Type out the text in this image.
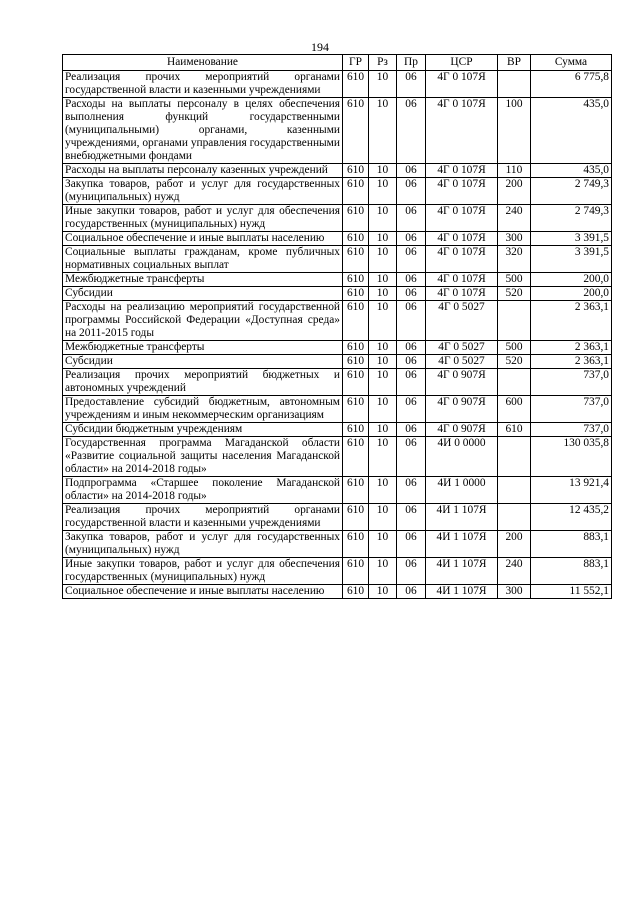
194
Наименование	ГР	Рз	Пр	ЦСР	ВР	Сумма
Реализация прочих мероприятий органами государственной власти и казенными учреждениями	610	10	06	4Г 0 107Я		6 775,8
Расходы на выплаты персоналу в целях обеспечения выполнения функций государственными (муниципальными) органами, казенными учреждениями, органами управления государственными внебюджетными фондами	610	10	06	4Г 0 107Я	100	435,0
Расходы на выплаты персоналу казенных учреждений	610	10	06	4Г 0 107Я	110	435,0
Закупка товаров, работ и услуг для государственных (муниципальных) нужд	610	10	06	4Г 0 107Я	200	2 749,3
Иные закупки товаров, работ и услуг для обеспечения государственных (муниципальных) нужд	610	10	06	4Г 0 107Я	240	2 749,3
Социальное обеспечение и иные выплаты населению	610	10	06	4Г 0 107Я	300	3 391,5
Социальные выплаты гражданам, кроме публичных нормативных социальных выплат	610	10	06	4Г 0 107Я	320	3 391,5
Межбюджетные трансферты	610	10	06	4Г 0 107Я	500	200,0
Субсидии	610	10	06	4Г 0 107Я	520	200,0
Расходы на реализацию мероприятий государственной программы Российской Федерации «Доступная среда» на 2011-2015 годы	610	10	06	4Г 0 5027		2 363,1
Межбюджетные трансферты	610	10	06	4Г 0 5027	500	2 363,1
Субсидии	610	10	06	4Г 0 5027	520	2 363,1
Реализация прочих мероприятий бюджетных и автономных учреждений	610	10	06	4Г 0 907Я		737,0
Предоставление субсидий бюджетным, автономным учреждениям и иным некоммерческим организациям	610	10	06	4Г 0 907Я	600	737,0
Субсидии бюджетным учреждениям	610	10	06	4Г 0 907Я	610	737,0
Государственная программа Магаданской области «Развитие социальной защиты населения Магаданской области» на 2014-2018 годы»	610	10	06	4И 0 0000		130 035,8
Подпрограмма «Старшее поколение Магаданской области» на 2014-2018 годы»	610	10	06	4И 1 0000		13 921,4
Реализация прочих мероприятий органами государственной власти и казенными учреждениями	610	10	06	4И 1 107Я		12 435,2
Закупка товаров, работ и услуг для государственных (муниципальных) нужд	610	10	06	4И 1 107Я	200	883,1
Иные закупки товаров, работ и услуг для обеспечения государственных (муниципальных) нужд	610	10	06	4И 1 107Я	240	883,1
Социальное обеспечение и иные выплаты населению	610	10	06	4И 1 107Я	300	11 552,1
